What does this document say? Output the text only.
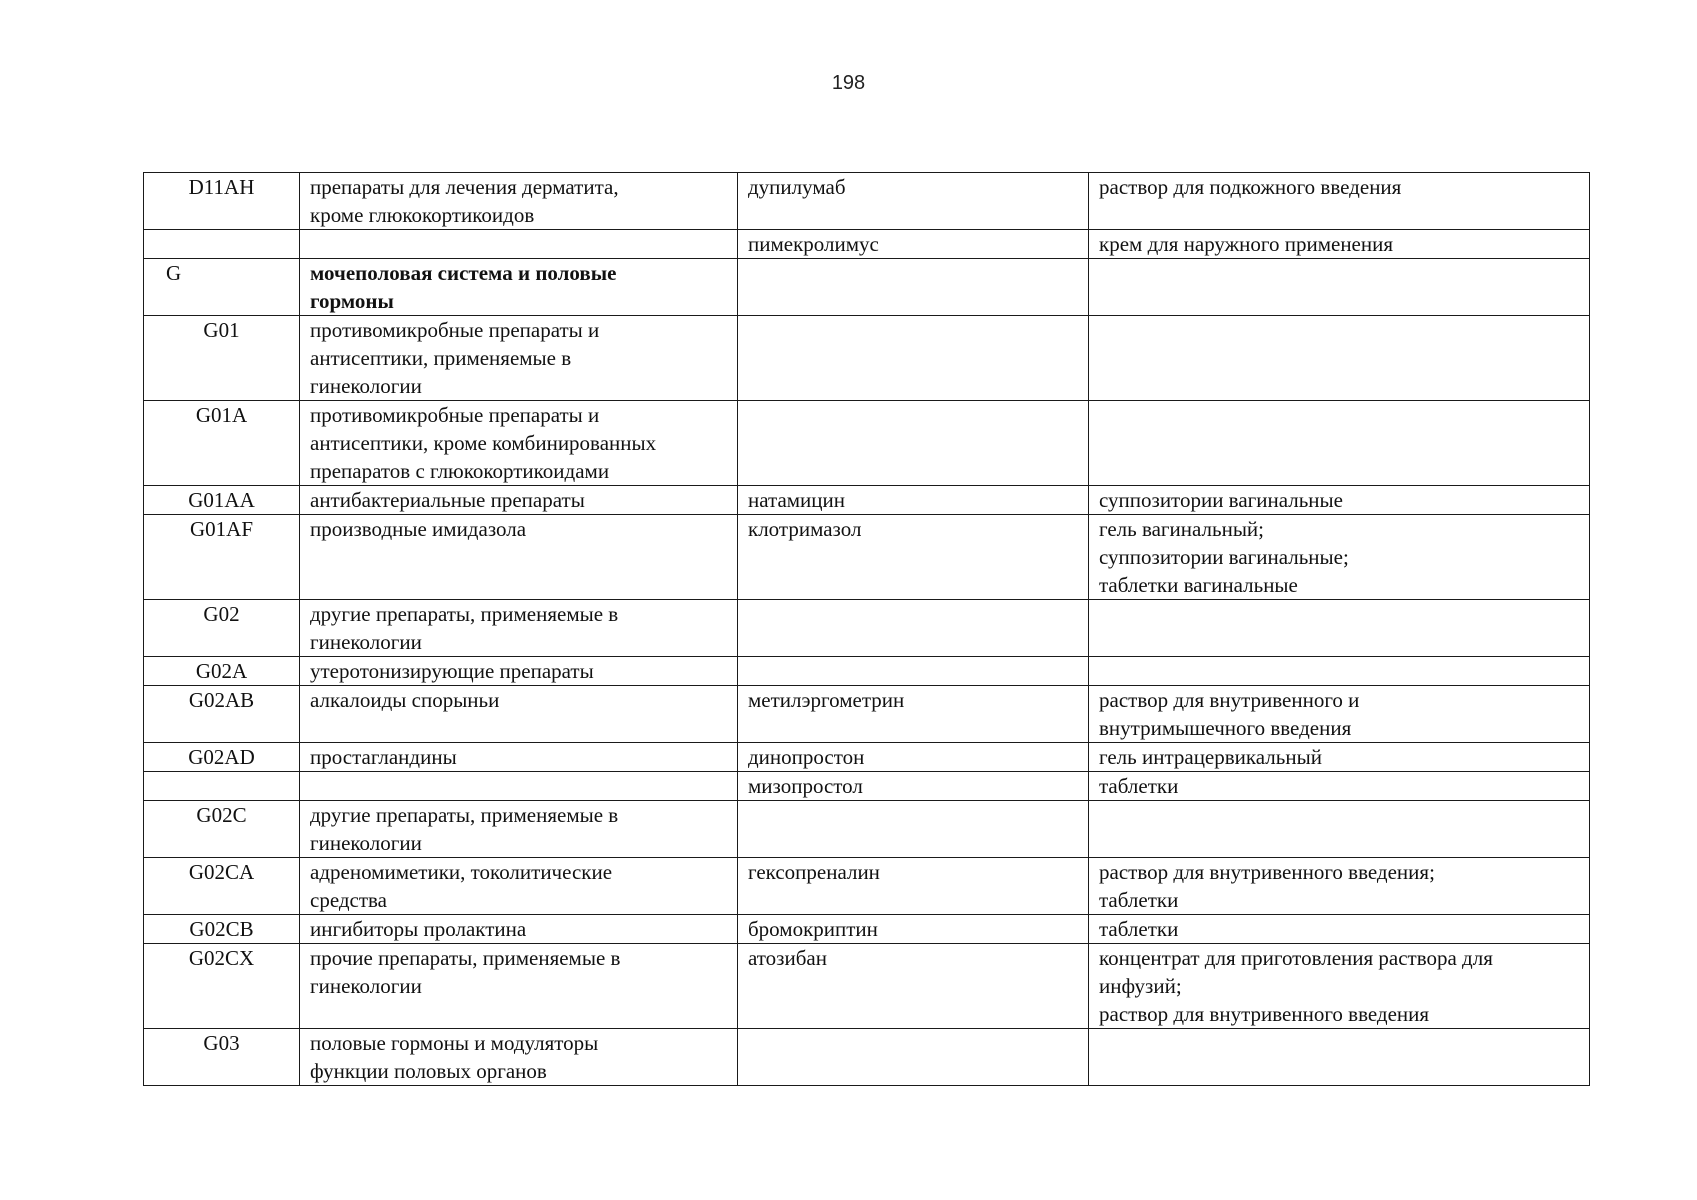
198
D11AH	препараты для лечения дерматита,
кроме глюкокортикоидов	дупилумаб	раствор для подкожного введения

		пимекролимус	крем для наружного применения

G	мочеполовая система и половые
гормоны		

G01	противомикробные препараты и
антисептики, применяемые в
гинекологии		

G01A	противомикробные препараты и
антисептики, кроме комбинированных
препаратов с глюкокортикоидами		

G01AA	антибактериальные препараты	натамицин	суппозитории вагинальные

G01AF	производные имидазола	клотримазол	гель вагинальный;
суппозитории вагинальные;
таблетки вагинальные

G02	другие препараты, применяемые в
гинекологии		

G02A	утеротонизирующие препараты		

G02AB	алкалоиды спорыньи	метилэргометрин	раствор для внутривенного и
внутримышечного введения

G02AD	простагландины	динопростон	гель интрацервикальный

		мизопростол	таблетки

G02C	другие препараты, применяемые в
гинекологии		

G02CA	адреномиметики, токолитические
средства	гексопреналин	раствор для внутривенного введения;
таблетки

G02CB	ингибиторы пролактина	бромокриптин	таблетки

G02CX	прочие препараты, применяемые в
гинекологии	атозибан	концентрат для приготовления раствора для
инфузий;
раствор для внутривенного введения

G03	половые гормоны и модуляторы
функции половых органов		
